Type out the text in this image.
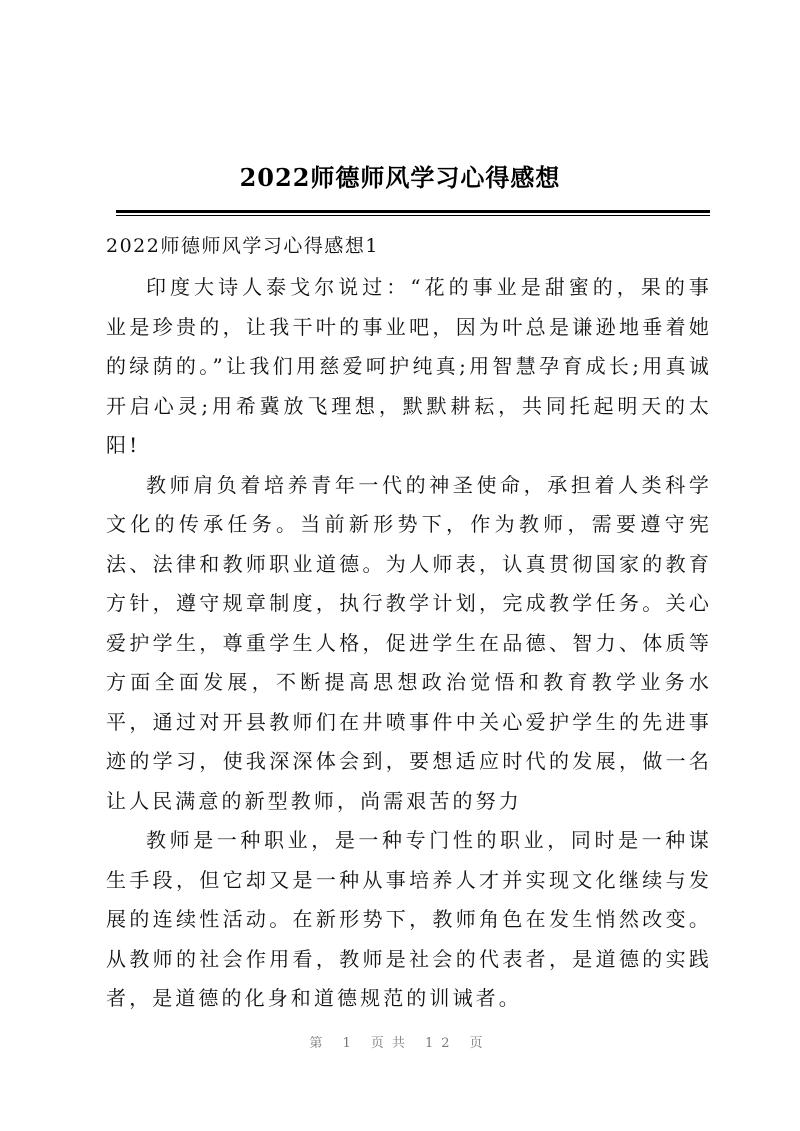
2022师德师风学习心得感想
2022师德师风学习心得感想1

印度大诗人泰戈尔说过：“花的事业是甜蜜的，果的事业是珍贵的，让我干叶的事业吧，因为叶总是谦逊地垂着她的绿荫的。”让我们用慈爱呵护纯真;用智慧孕育成长;用真诚开启心灵;用希冀放飞理想，默默耕耘，共同托起明天的太阳!

教师肩负着培养青年一代的神圣使命，承担着人类科学文化的传承任务。当前新形势下，作为教师，需要遵守宪法、法律和教师职业道德。为人师表，认真贯彻国家的教育方针，遵守规章制度，执行教学计划，完成教学任务。关心爱护学生，尊重学生人格，促进学生在品德、智力、体质等方面全面发展，不断提高思想政治觉悟和教育教学业务水平，通过对开县教师们在井喷事件中关心爱护学生的先进事迹的学习，使我深深体会到，要想适应时代的发展，做一名让人民满意的新型教师，尚需艰苦的努力

教师是一种职业，是一种专门性的职业，同时是一种谋生手段，但它却又是一种从事培养人才并实现文化继续与发展的连续性活动。在新形势下，教师角色在发生悄然改变。从教师的社会作用看，教师是社会的代表者，是道德的实践者，是道德的化身和道德规范的训诫者。

第 1 页共 12 页
